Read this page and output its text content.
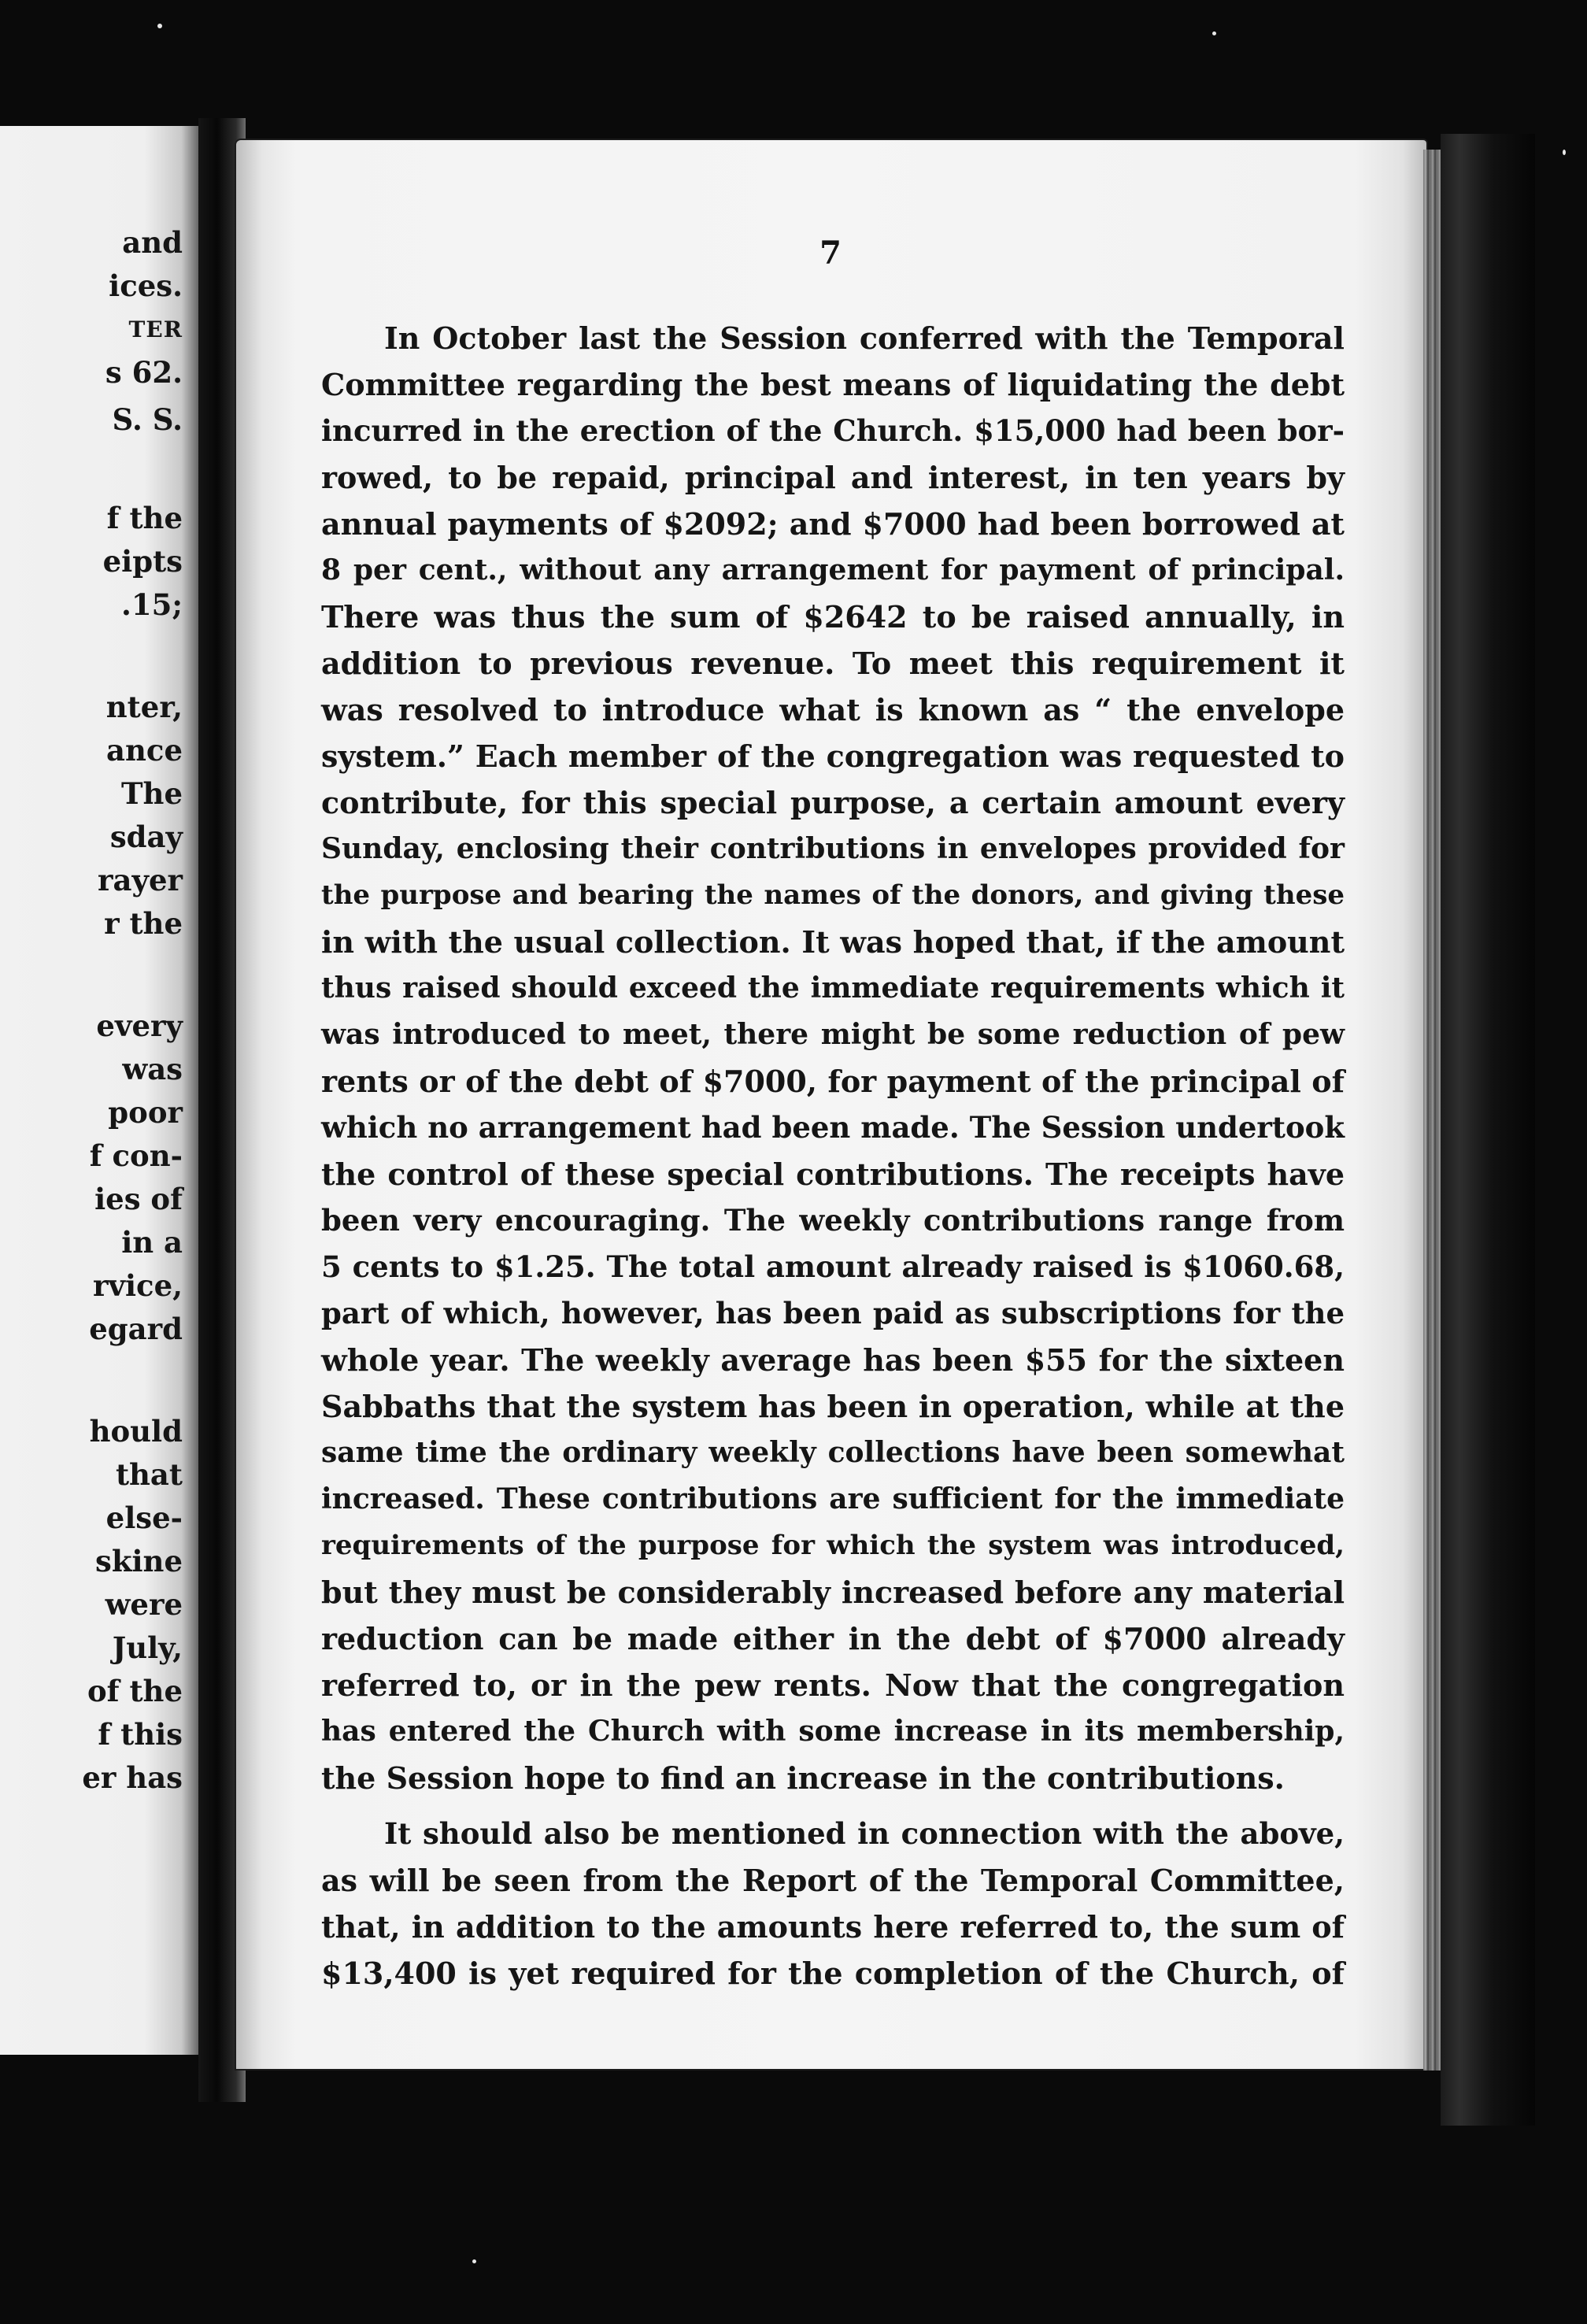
and

ices.

TER

s 62.

S. S.

f the

eipts

.15;

nter,

ance

The

sday

rayer

r the

every

was

poor

f con-

ies of

in a

rvice,

egard

hould

that

else-

skine

were

July,

of the

f this

er has

7

In October last the Session conferred with the Temporal
Committee regarding the best means of liquidating the debt
incurred in the erection of the Church. $15,000 had been bor-
rowed, to be repaid, principal and interest, in ten years by
annual payments of $2092; and $7000 had been borrowed at
8 per cent., without any arrangement for payment of principal.
There was thus the sum of $2642 to be raised annually, in
addition to previous revenue. To meet this requirement it
was resolved to introduce what is known as “ the envelope
system.” Each member of the congregation was requested to
contribute, for this special purpose, a certain amount every
Sunday, enclosing their contributions in envelopes provided for
the purpose and bearing the names of the donors, and giving these
in with the usual collection. It was hoped that, if the amount
thus raised should exceed the immediate requirements which it
was introduced to meet, there might be some reduction of pew
rents or of the debt of $7000, for payment of the principal of
which no arrangement had been made. The Session undertook
the control of these special contributions. The receipts have
been very encouraging. The weekly contributions range from
5 cents to $1.25. The total amount already raised is $1060.68,
part of which, however, has been paid as subscriptions for the
whole year. The weekly average has been $55 for the sixteen
Sabbaths that the system has been in operation, while at the
same time the ordinary weekly collections have been somewhat
increased. These contributions are sufficient for the immediate
requirements of the purpose for which the system was introduced,
but they must be considerably increased before any material
reduction can be made either in the debt of $7000 already
referred to, or in the pew rents. Now that the congregation
has entered the Church with some increase in its membership,
the Session hope to find an increase in the contributions.
It should also be mentioned in connection with the above,
as will be seen from the Report of the Temporal Committee,
that, in addition to the amounts here referred to, the sum of
$13,400 is yet required for the completion of the Church, of
